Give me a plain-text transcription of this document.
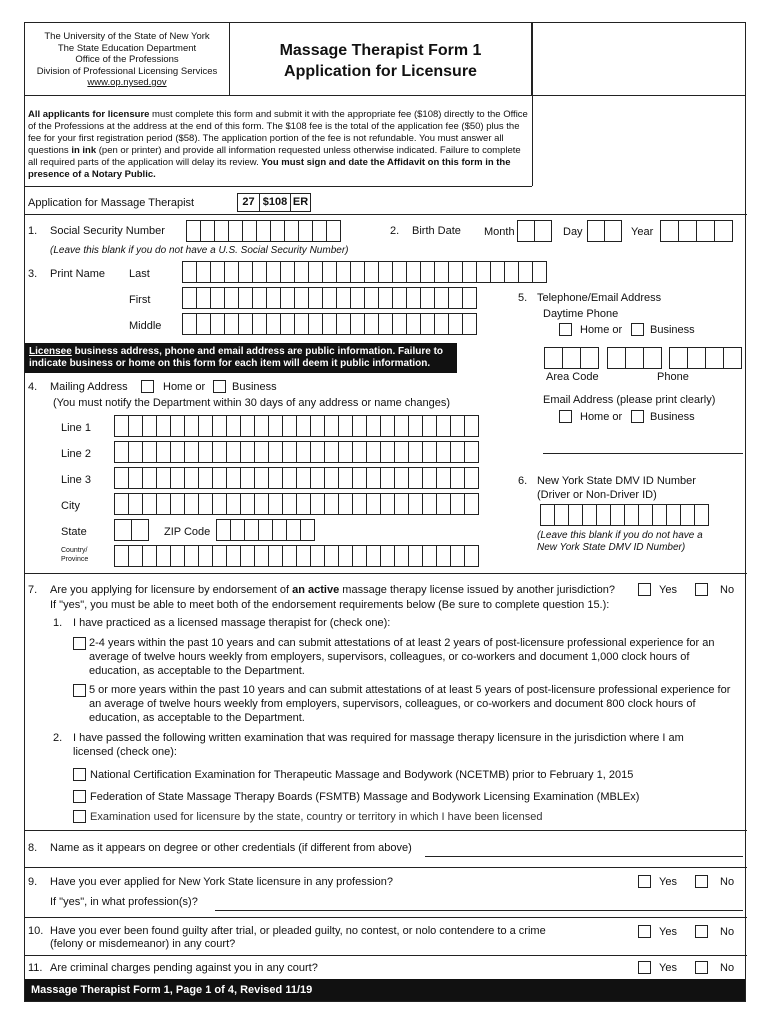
The University of the State of New York
The State Education Department
Office of the Professions
Division of Professional Licensing Services
www.op.nysed.gov
Massage Therapist Form 1
Application for Licensure
All applicants for licensure must complete this form and submit it with the appropriate fee ($108) directly to the Office of the Professions at the address at the end of this form. The $108 fee is the total of the application fee ($50) plus the fee for your first registration period ($58). The application portion of the fee is not refundable. You must answer all questions in ink (pen or printer) and provide all information requested unless otherwise indicated. Failure to complete all required parts of the application will delay its review. You must sign and date the Affidavit on this form in the presence of a Notary Public.
Application for Massage Therapist	27 $108 ER
1. Social Security Number
(Leave this blank if you do not have a U.S. Social Security Number)
2. Birth Date Month	Day	Year
3. Print Name Last
First
Middle
5. Telephone/Email Address
Daytime Phone
Home or	Business
Area Code	Phone
Email Address (please print clearly)
Home or	Business
Licensee business address, phone and email address are public information. Failure to indicate business or home on this form for each item will deem it public information.
4. Mailing Address	Home or Business
(You must notify the Department within 30 days of any address or name changes)
Line 1
Line 2
Line 3
City
State	ZIP Code
Country/
Province
6. New York State DMV ID Number
(Driver or Non-Driver ID)
(Leave this blank if you do not have a
New York State DMV ID Number)
7. Are you applying for licensure by endorsement of an active massage therapy license issued by another jurisdiction?	Yes	No
If "yes", you must be able to meet both of the endorsement requirements below (Be sure to complete question 15.):
1. I have practiced as a licensed massage therapist for (check one):
2-4 years within the past 10 years and can submit attestations of at least 2 years of post-licensure professional experience for an average of twelve hours weekly from employers, supervisors, colleagues, or co-workers and document 1,000 clock hours of education, as acceptable to the Department.
5 or more years within the past 10 years and can submit attestations of at least 5 years of post-licensure professional experience for an average of twelve hours weekly from employers, supervisors, colleagues, or co-workers and document 800 clock hours of education, as acceptable to the Department.
2. I have passed the following written examination that was required for massage therapy licensure in the jurisdiction where I am licensed (check one):
National Certification Examination for Therapeutic Massage and Bodywork (NCETMB) prior to February 1, 2015
Federation of State Massage Therapy Boards (FSMTB) Massage and Bodywork Licensing Examination (MBLEx)
Examination used for licensure by the state, country or territory in which I have been licensed
8. Name as it appears on degree or other credentials (if different from above)
9. Have you ever applied for New York State licensure in any profession?	Yes	No
If "yes", in what profession(s)?
10. Have you ever been found guilty after trial, or pleaded guilty, no contest, or nolo contendere to a crime
(felony or misdemeanor) in any court?
Yes	No
11. Are criminal charges pending against you in any court?	Yes	No
Massage Therapist Form 1, Page 1 of 4, Revised 11/19
